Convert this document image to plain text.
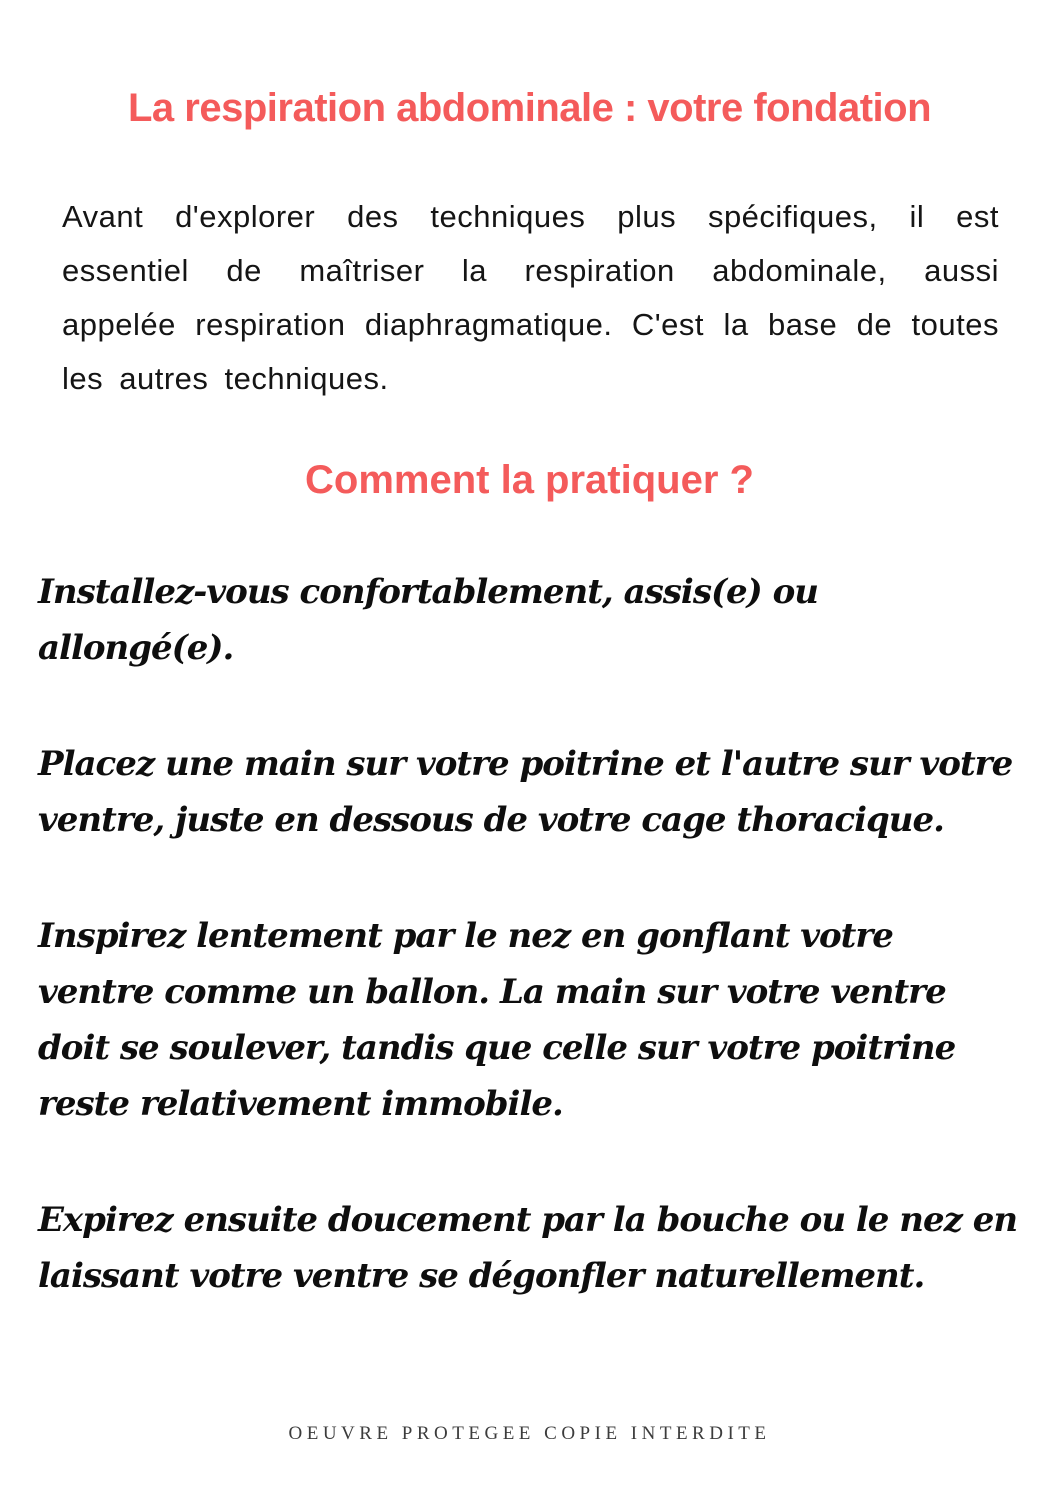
La respiration abdominale : votre fondation

Avant d'explorer des techniques plus spécifiques, il est essentiel de maîtriser la respiration abdominale, aussi appelée respiration diaphragmatique. C'est la base de toutes les autres techniques.

Comment la pratiquer ?

Installez-vous confortablement, assis(e) ou allongé(e).

Placez une main sur votre poitrine et l'autre sur votre ventre, juste en dessous de votre cage thoracique.

Inspirez lentement par le nez en gonflant votre ventre comme un ballon. La main sur votre ventre doit se soulever, tandis que celle sur votre poitrine reste relativement immobile.

Expirez ensuite doucement par la bouche ou le nez en laissant votre ventre se dégonfler naturellement.

OEUVRE PROTEGEE COPIE INTERDITE
